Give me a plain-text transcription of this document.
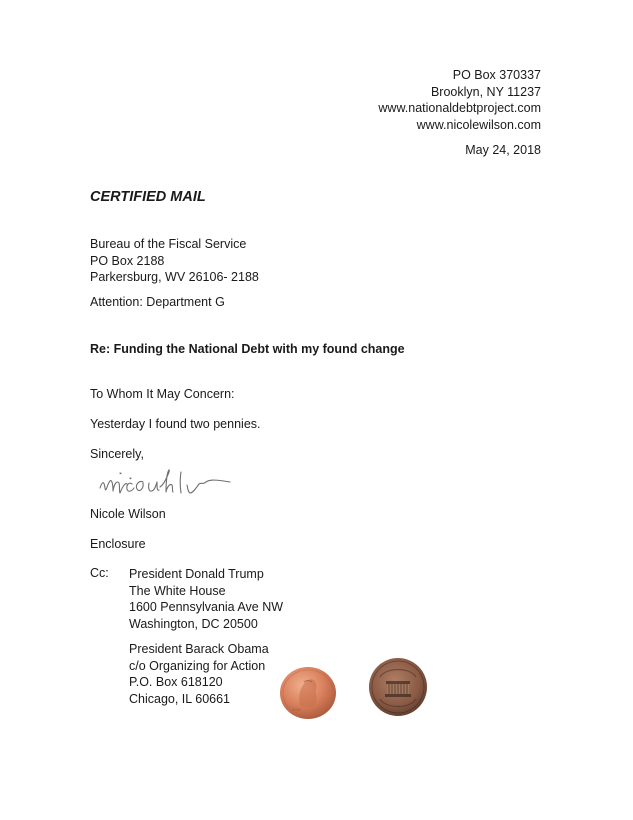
PO Box 370337
Brooklyn, NY 11237
www.nationaldebtproject.com
www.nicolewilson.com
May 24, 2018
CERTIFIED MAIL
Bureau of the Fiscal Service
PO Box 2188
Parkersburg, WV 26106- 2188
Attention: Department G
Re: Funding the National Debt with my found change
To Whom It May Concern:
Yesterday I found two pennies.
Sincerely,
Nicole Wilson
Enclosure
Cc: President Donald Trump
The White House
1600 Pennsylvania Ave NW
Washington, DC 20500
President Barack Obama
c/o Organizing for Action
P.O. Box 618120
Chicago, IL 60661
2012
